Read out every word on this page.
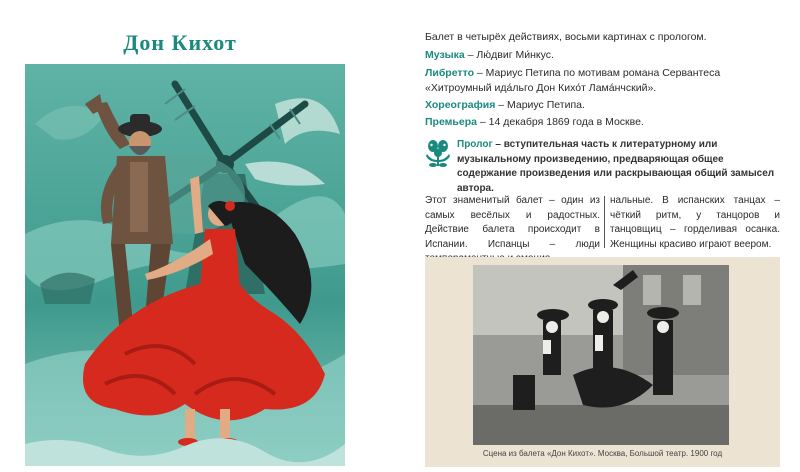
Дон Кихот	Балет в четырёх действиях, восьми картинах с прологом.
Музыка – Лю́двиг Ми́нкус.
Либретто – Мариус Петипа по мотивам романа Сервантеса «Хитроумный ида́льго Дон Кихо́т Лама́нчский».
Хореография – Мариус Петипа.
Премьера – 14 декабря 1869 года в Москве.
Пролог – вступительная часть к литературному или музыкальному произведению, предваряющая общее содержание произведения или раскрывающая общий замысел автора.
Этот знаменитый балет – один из самых весёлых и радостных. Действие балета происходит в Испании. Испанцы – люди
нальные. В испанских танцах – чёткий ритм, у танцоров и танцовщиц – горделивая осанка. Женщины красиво играют веером.
Сцена из балета «Дон Кихот». Москва, Большой театр. 1900 год
